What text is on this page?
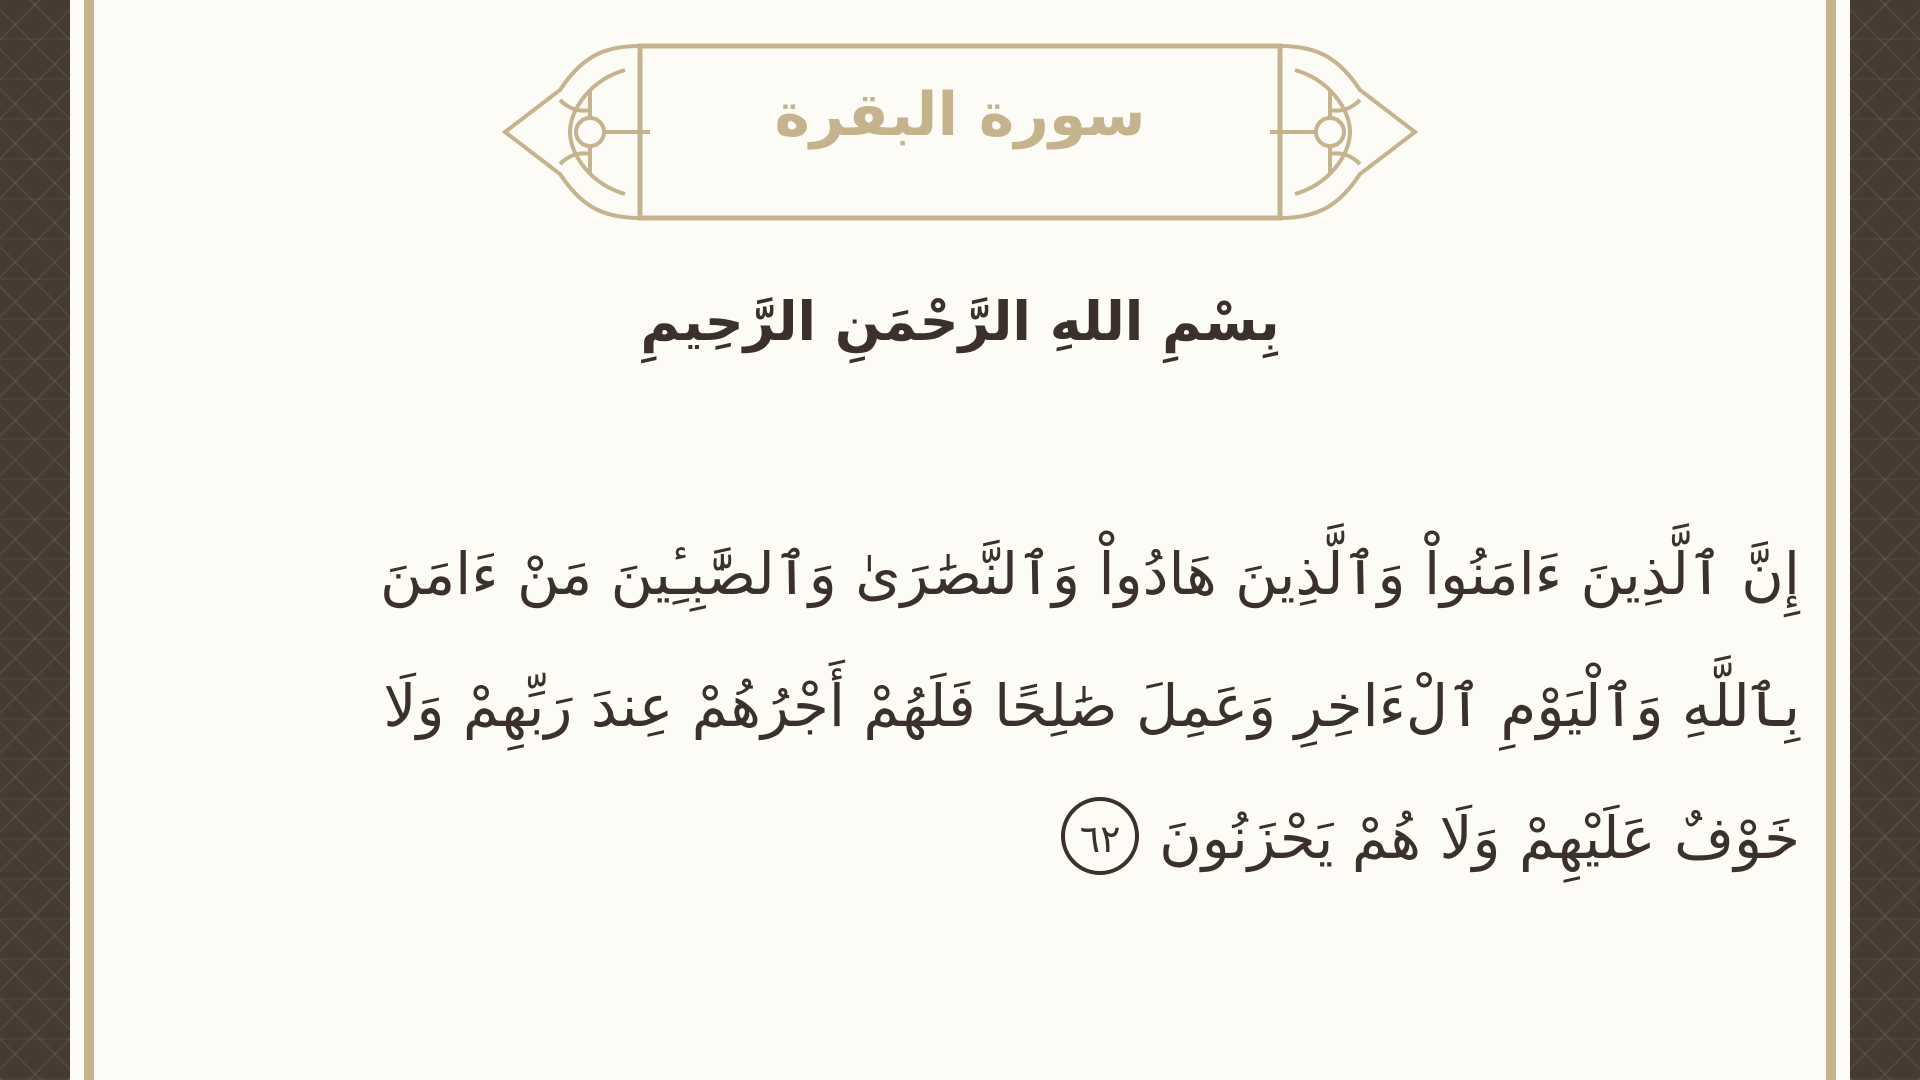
سورة البقرة
بِسْمِ اللهِ الرَّحْمَنِ الرَّحِيمِ
إِنَّ ٱلَّذِينَ ءَامَنُواْ وَٱلَّذِينَ هَادُواْ وَٱلنَّصَٰرَىٰ وَٱلصَّٰبِـِٔينَ مَنْ ءَامَنَ
بِٱللَّهِ وَٱلْيَوْمِ ٱلْءَاخِرِ وَعَمِلَ صَٰلِحًا فَلَهُمْ أَجْرُهُمْ عِندَ رَبِّهِمْ وَلَا
خَوْفٌ عَلَيْهِمْ وَلَا هُمْ يَحْزَنُونَ٦٢
